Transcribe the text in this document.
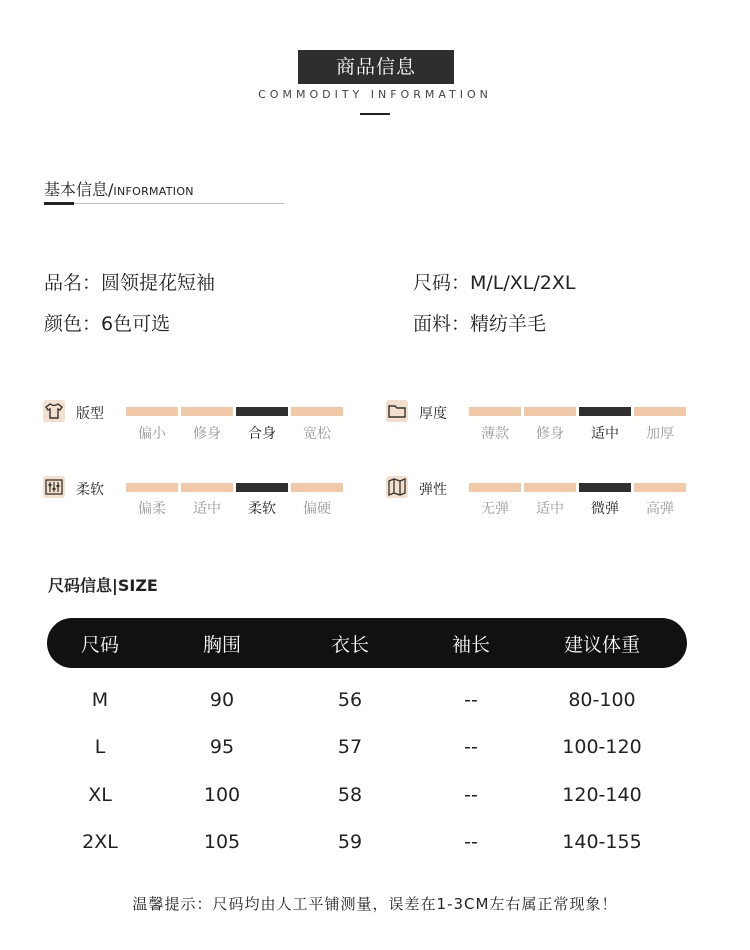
商品信息
COMMODITY INFORMATION
基本信息/INFORMATION
品名：圆领提花短袖
颜色：6色可选
尺码：M/L/XL/2XL
面料：精纺羊毛
版型
偏小	修身	合身	宽松
厚度
薄款	修身	适中	加厚
柔软
偏柔	适中	柔软	偏硬
弹性
无弹	适中	微弹	高弹
尺码信息|SIZE
尺码	胸围	衣长	袖长	建议体重
M	90	56	--	80-100
L	95	57	--	100-120
XL	100	58	--	120-140
2XL	105	59	--	140-155
温馨提示：尺码均由人工平铺测量，误差在1-3CM左右属正常现象！
